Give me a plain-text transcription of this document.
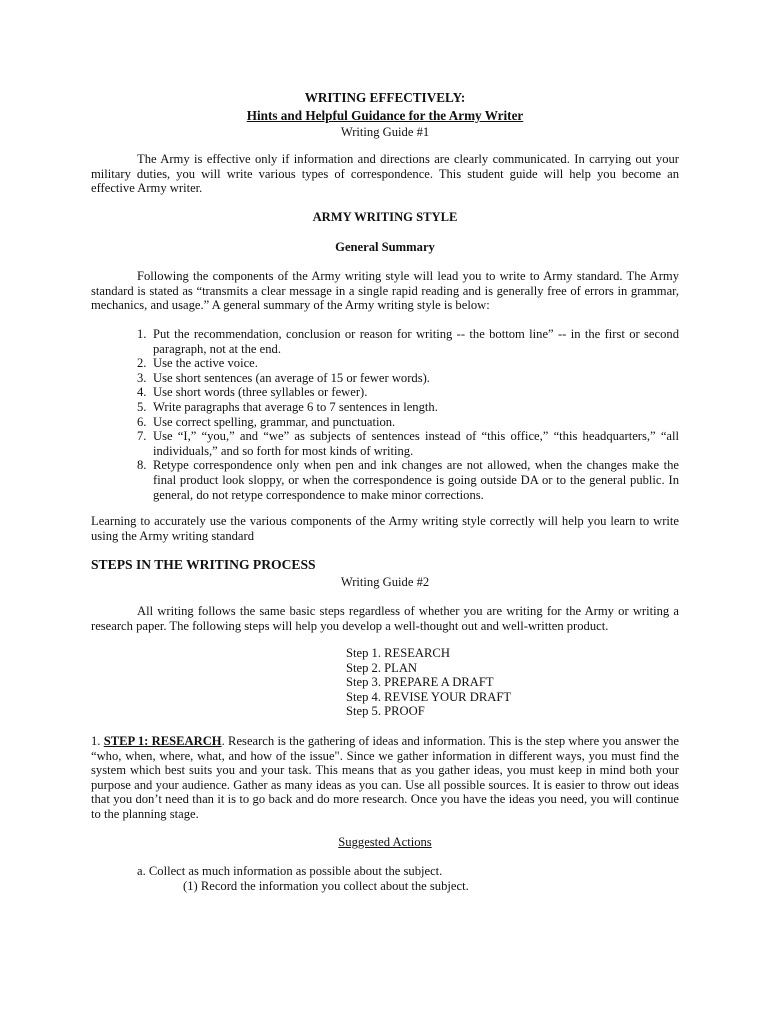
WRITING EFFECTIVELY:
Hints and Helpful Guidance for the Army Writer
Writing Guide #1
The Army is effective only if information and directions are clearly communicated. In carrying out your military duties, you will write various types of correspondence. This student guide will help you become an effective Army writer.
ARMY WRITING STYLE
General Summary
Following the components of the Army writing style will lead you to write to Army standard. The Army standard is stated as “transmits a clear message in a single rapid reading and is generally free of errors in grammar, mechanics, and usage.” A general summary of the Army writing style is below:
1. Put the recommendation, conclusion or reason for writing -- the bottom line” -- in the first or second paragraph, not at the end.
2. Use the active voice.
3. Use short sentences (an average of 15 or fewer words).
4. Use short words (three syllables or fewer).
5. Write paragraphs that average 6 to 7 sentences in length.
6. Use correct spelling, grammar, and punctuation.
7. Use “I,” “you,” and “we” as subjects of sentences instead of “this office,” “this headquarters,” “all individuals,” and so forth for most kinds of writing.
8. Retype correspondence only when pen and ink changes are not allowed, when the changes make the final product look sloppy, or when the correspondence is going outside DA or to the general public. In general, do not retype correspondence to make minor corrections.
Learning to accurately use the various components of the Army writing style correctly will help you learn to write using the Army writing standard
STEPS IN THE WRITING PROCESS
Writing Guide #2
All writing follows the same basic steps regardless of whether you are writing for the Army or writing a research paper. The following steps will help you develop a well-thought out and well-written product.
Step 1. RESEARCH
Step 2. PLAN
Step 3. PREPARE A DRAFT
Step 4. REVISE YOUR DRAFT
Step 5. PROOF
1. STEP 1: RESEARCH. Research is the gathering of ideas and information. This is the step where you answer the “who, when, where, what, and how of the issue". Since we gather information in different ways, you must find the system which best suits you and your task. This means that as you gather ideas, you must keep in mind both your purpose and your audience. Gather as many ideas as you can. Use all possible sources. It is easier to throw out ideas that you don’t need than it is to go back and do more research. Once you have the ideas you need, you will continue to the planning stage.
Suggested Actions
a. Collect as much information as possible about the subject.
(1) Record the information you collect about the subject.
